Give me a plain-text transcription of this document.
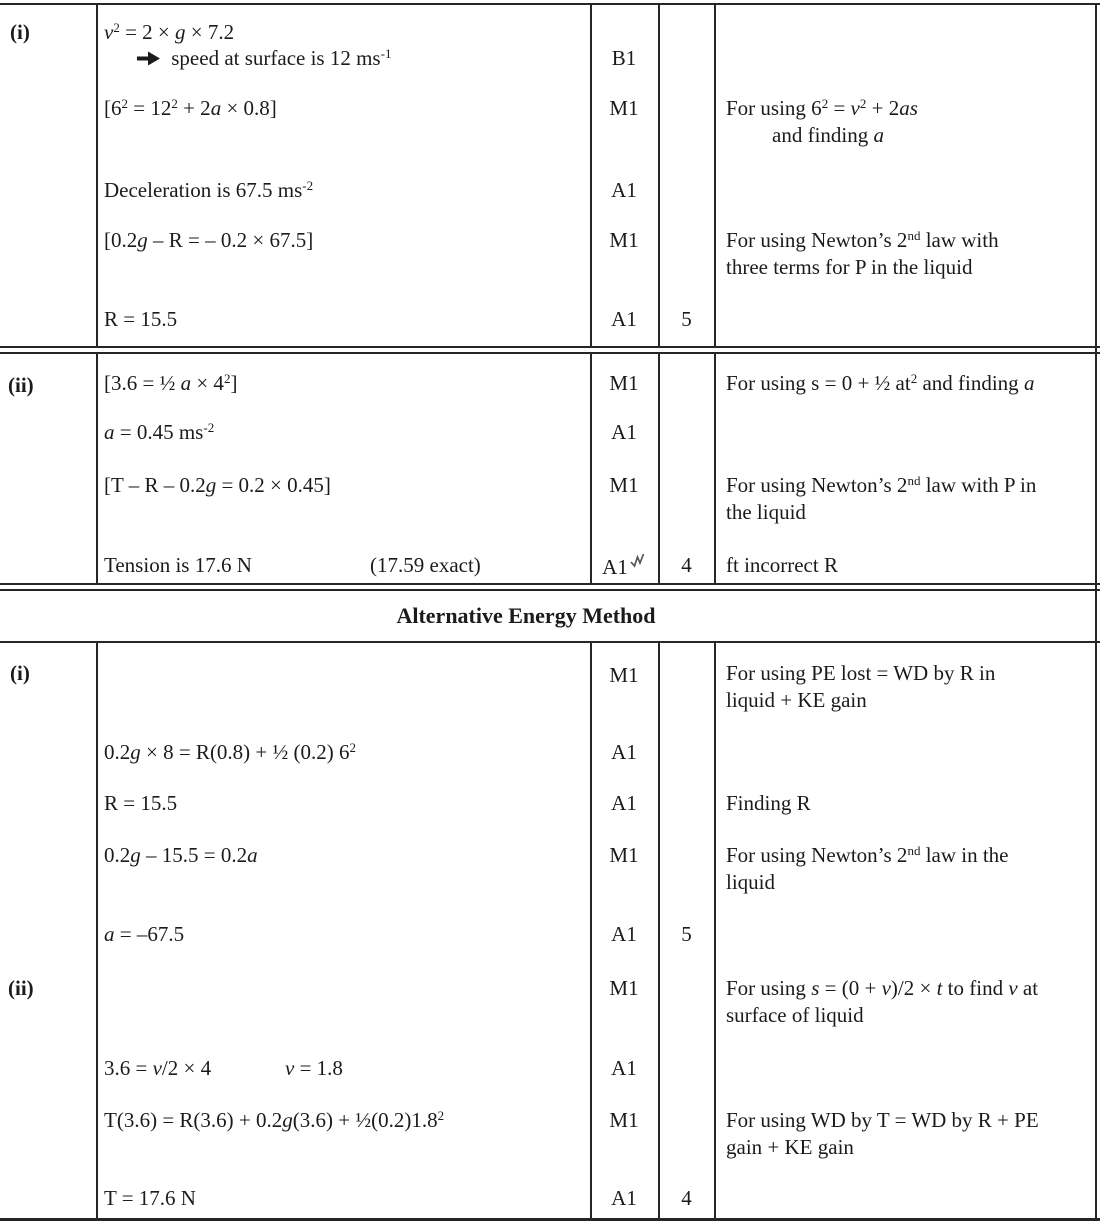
(i)	$v^2 = 2 \times g \times 7.2$
speed at surface is 12 $ms^{-1}$	B1
$[6^2 = 12^2 + 2a \times 0.8]$	M1	For using $6^2 = v^2 + 2as$
and finding a
Deceleration is 67.5 $ms^{-2}$	A1
[0.2g – R = – 0.2 × 67.5]	M1	For using Newton’s 2nd law with
three terms for P in the liquid
R = 15.5	A1	5
(ii)	[3.6 = ½ $a \times 4^2$]	M1	For using s = 0 + ½ $at^2$ and finding a
a = 0.45 $ms^{-2}$	A1
[T – R – 0.2g = 0.2 × 0.45]	M1	For using Newton’s 2nd law with P in
the liquid
Tension is 17.6 N	(17.59 exact)	A1	4	ft incorrect R
Alternative Energy Method
(i)	M1	For using PE lost = WD by R in
liquid + KE gain
0.2g × 8 = R(0.8) + ½ (0.2) $6^2$	A1
R = 15.5	A1	Finding R
0.2g – 15.5 = 0.2a	M1	For using Newton’s 2nd law in the
liquid
a = –67.5	A1	5
(ii)	M1	For using s = (0 + v)/2 × t to find v at
surface of liquid
3.6 = v/2 × 4	v = 1.8	A1
$T(3.6) = R(3.6) + 0.2g(3.6) + \frac{1}{2}(0.2)1.8^2$	M1	For using WD by T = WD by R + PE
gain + KE gain
T = 17.6 N	A1	4
